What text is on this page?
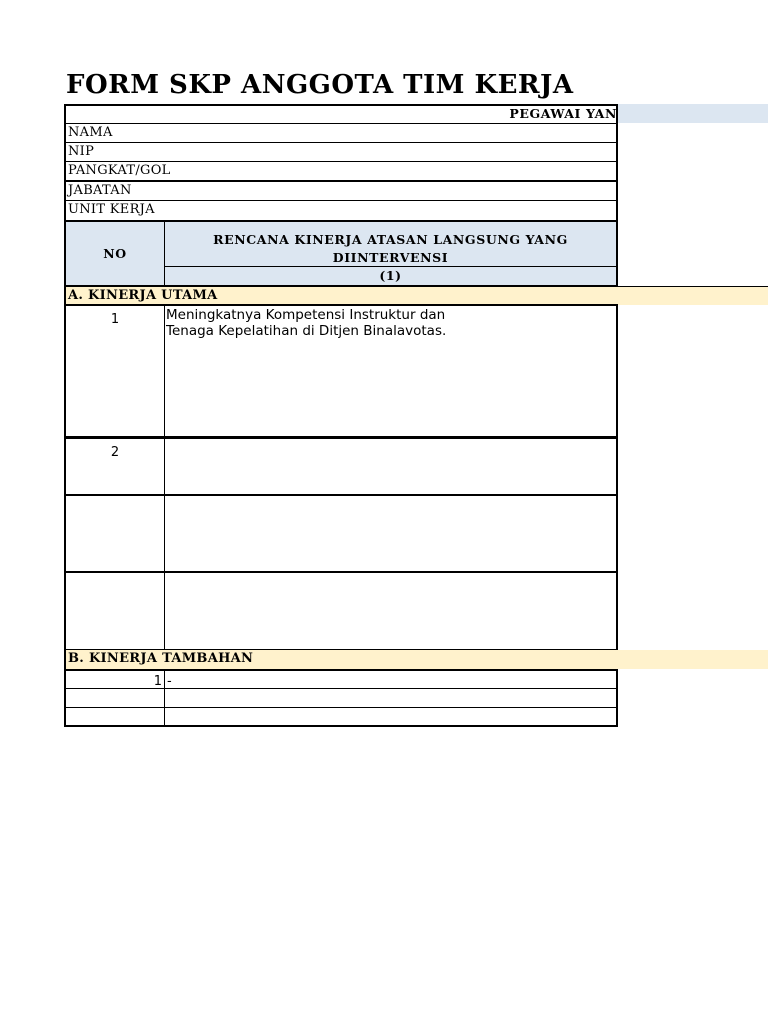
FORM SKP ANGGOTA TIM KERJA
PEGAWAI YAN
NAMA
NIP
PANGKAT/GOL
JABATAN
UNIT KERJA
NO
RENCANA KINERJA ATASAN LANGSUNG YANG DIINTERVENSI
(1)
A. KINERJA UTAMA
1	Meningkatnya Kompetensi Instruktur dan
Tenaga Kepelatihan di Ditjen Binalavotas.
2
B. KINERJA TAMBAHAN
1 -
